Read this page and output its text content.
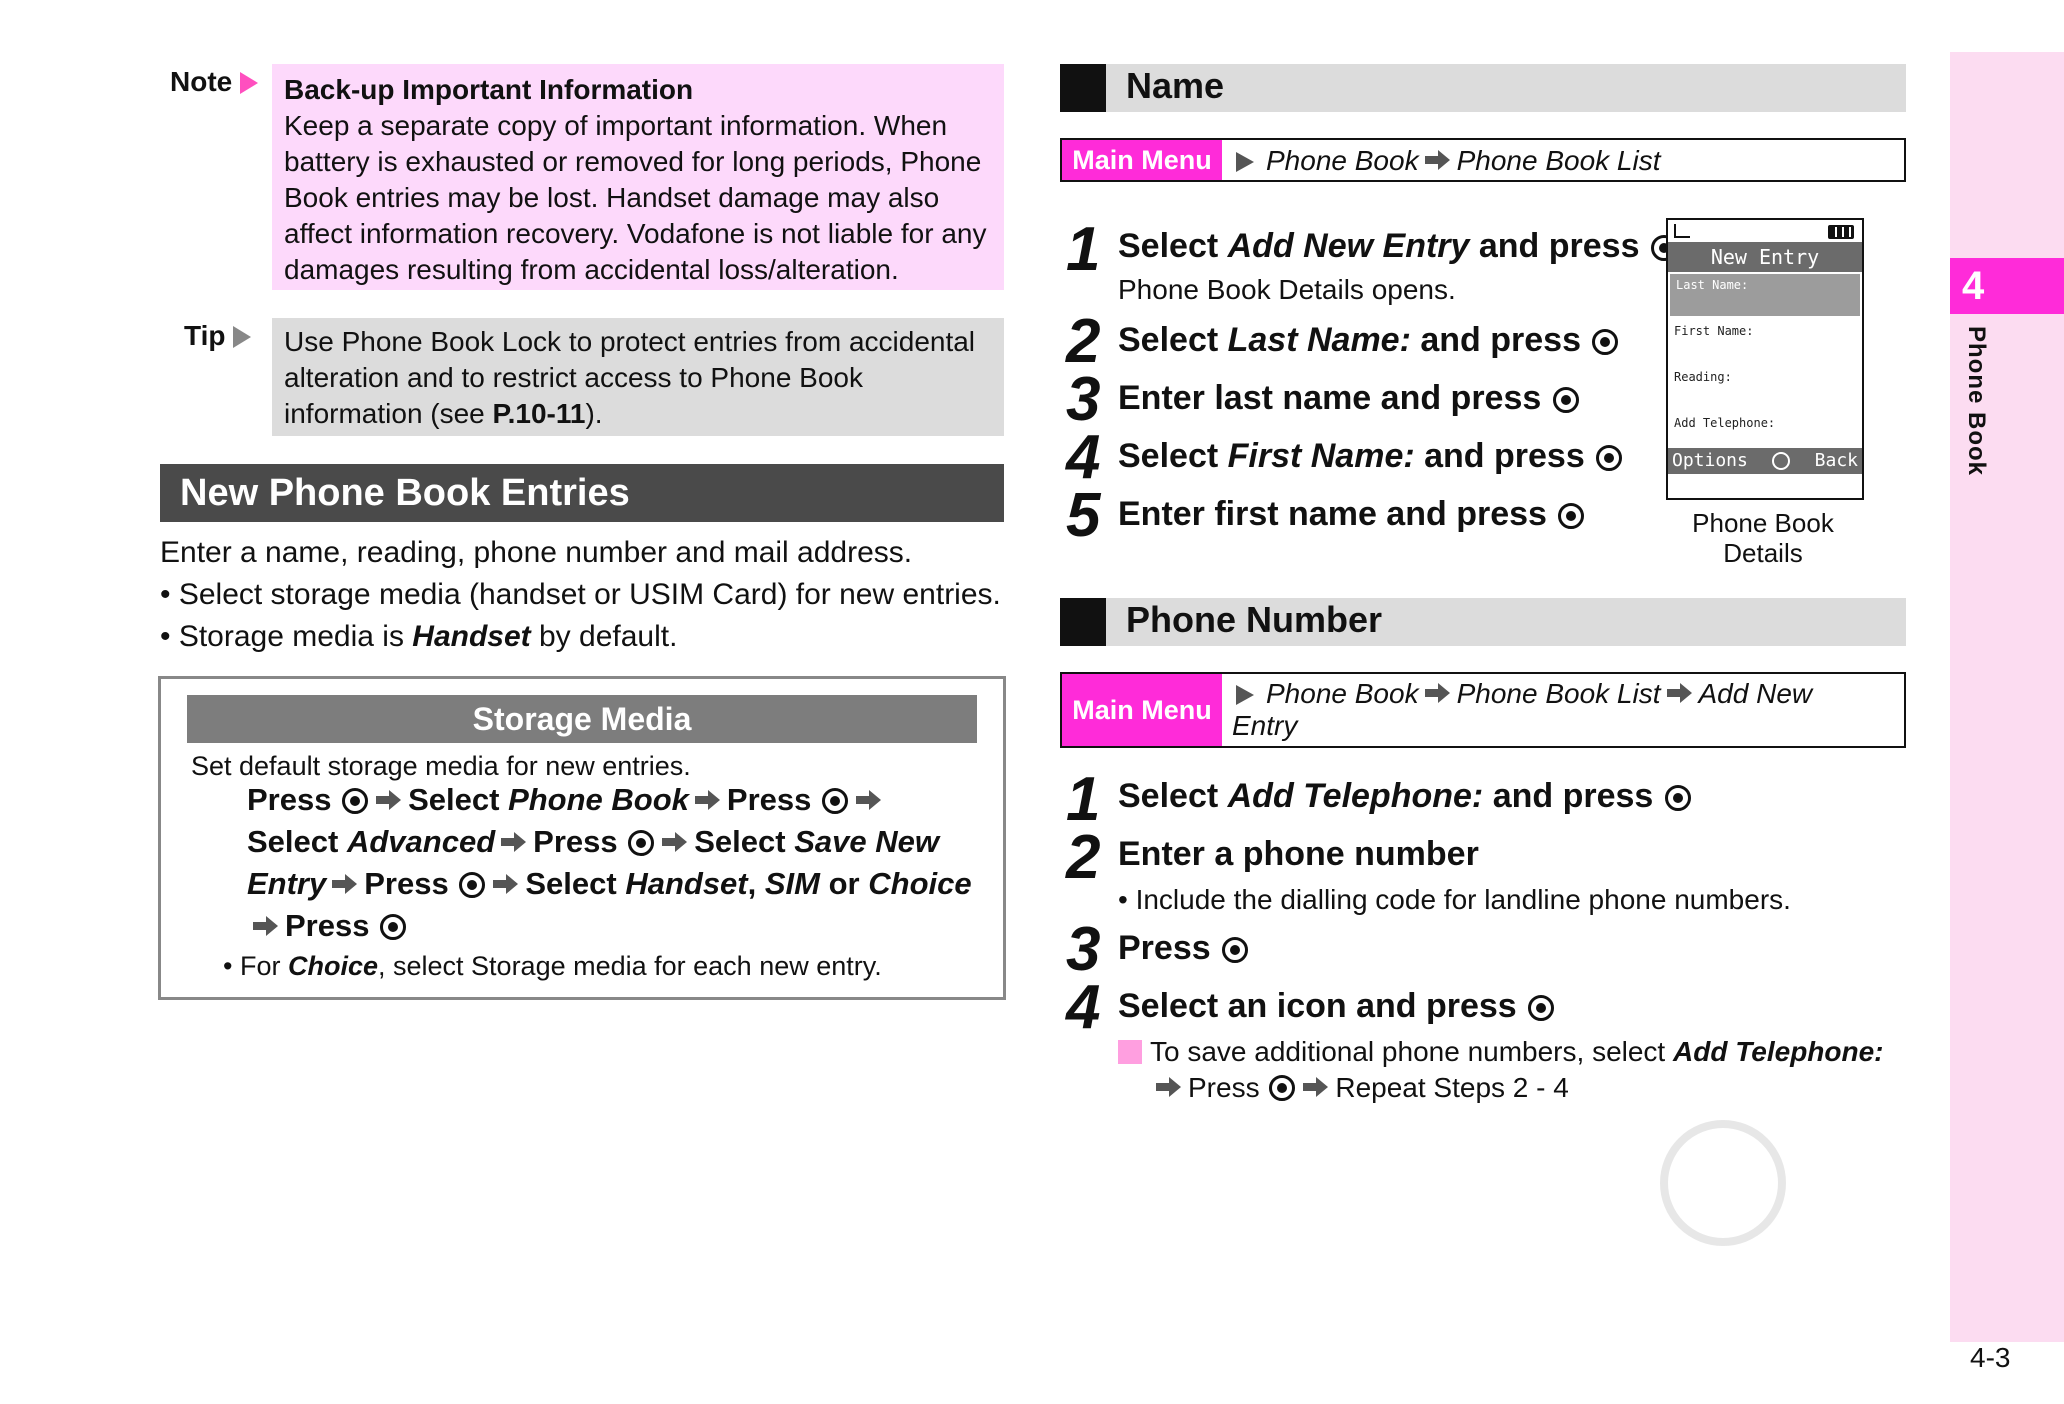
Note	Back-up Important Information
Keep a separate copy of important information. When
battery is exhausted or removed for long periods, Phone
Book entries may be lost. Handset damage may also
affect information recovery. Vodafone is not liable for any
damages resulting from accidental loss/alteration.
Tip	Use Phone Book Lock to protect entries from accidental
alteration and to restrict access to Phone Book
information (see P.10-11).
New Phone Book Entries
Enter a name, reading, phone number and mail address.
• Select storage media (handset or USIM Card) for new entries.
• Storage media is Handset by default.
Storage Media
Set default storage media for new entries.
Press Select Phone Book Press
Select Advanced Press Select Save New
Entry Press Select Handset, SIM or Choice
Press
• For Choice, select Storage media for each new entry.
Name
Main Menu	Phone Book Phone Book List
1 Select Add New Entry and press
Phone Book Details opens.
2 Select Last Name: and press
3 Enter last name and press
4 Select First Name: and press
5 Enter first name and press
New Entry
Last Name:
First Name:
Reading:
Add Telephone:
Options	Back
Phone Book
Details
Phone Number
Main Menu
Phone Book Phone Book List Add New
Entry
1 Select Add Telephone: and press
2 Enter a phone number
• Include the dialling code for landline phone numbers.
3 Press
4 Select an icon and press
To save additional phone numbers, select Add Telephone:
Press	Repeat Steps 2 - 4
4
Phone Book
4-3
